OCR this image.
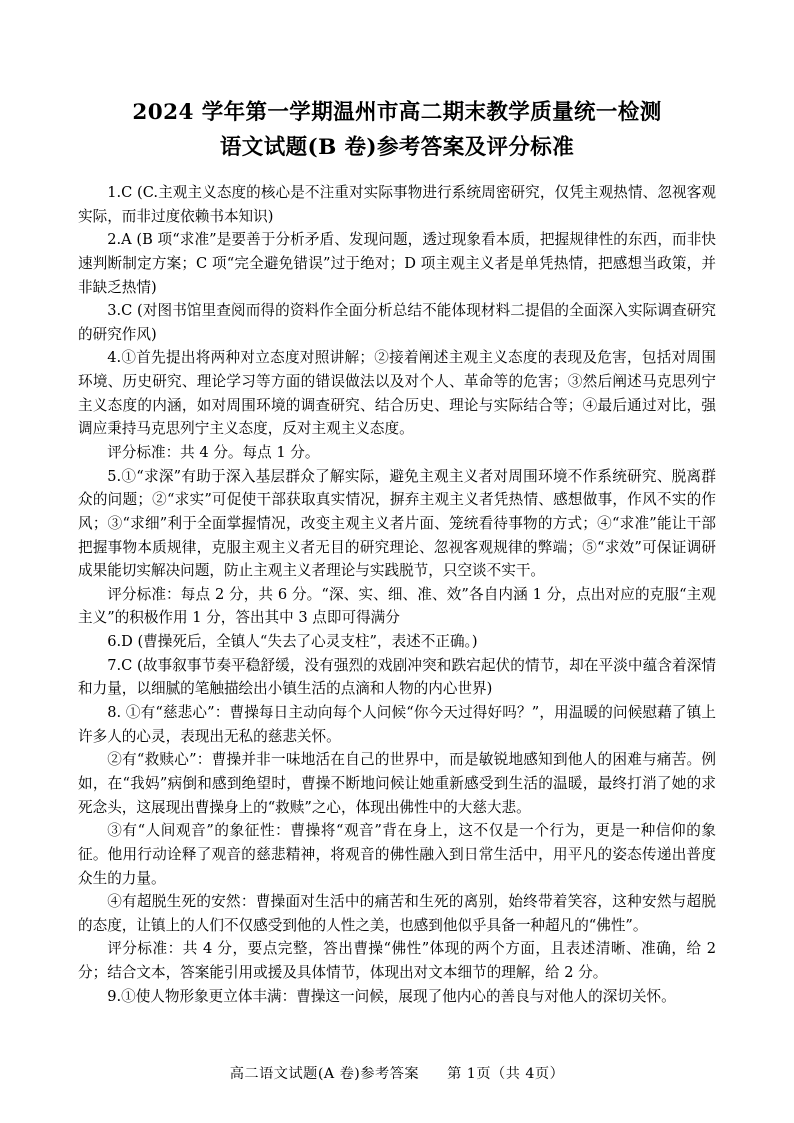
2024 学年第一学期温州市高二期末教学质量统一检测
语文试题(B 卷)参考答案及评分标准

1.C (C.主观主义态度的核心是不注重对实际事物进行系统周密研究，仅凭主观热情、忽视客观实际，而非过度依赖书本知识)

2.A (B 项“求准”是要善于分析矛盾、发现问题，透过现象看本质，把握规律性的东西，而非快速判断制定方案；C 项“完全避免错误”过于绝对；D 项主观主义者是单凭热情，把感想当政策，并非缺乏热情)

3.C (对图书馆里查阅而得的资料作全面分析总结不能体现材料二提倡的全面深入实际调查研究的研究作风)

4.①首先提出将两种对立态度对照讲解；②接着阐述主观主义态度的表现及危害，包括对周围环境、历史研究、理论学习等方面的错误做法以及对个人、革命等的危害；③然后阐述马克思列宁主义态度的内涵，如对周围环境的调查研究、结合历史、理论与实际结合等；④最后通过对比，强调应秉持马克思列宁主义态度，反对主观主义态度。

评分标准：共 4 分。每点 1 分。

5.①“求深”有助于深入基层群众了解实际，避免主观主义者对周围环境不作系统研究、脱离群众的问题；②“求实”可促使干部获取真实情况，摒弃主观主义者凭热情、感想做事，作风不实的作风；③“求细”利于全面掌握情况，改变主观主义者片面、笼统看待事物的方式；④“求准”能让干部把握事物本质规律，克服主观主义者无目的研究理论、忽视客观规律的弊端；⑤“求效”可保证调研成果能切实解决问题，防止主观主义者理论与实践脱节，只空谈不实干。

评分标准：每点 2 分，共 6 分。“深、实、细、准、效”各自内涵 1 分，点出对应的克服“主观主义”的积极作用 1 分，答出其中 3 点即可得满分

6.D (曹操死后，全镇人“失去了心灵支柱”，表述不正确。)

7.C (故事叙事节奏平稳舒缓，没有强烈的戏剧冲突和跌宕起伏的情节，却在平淡中蕴含着深情和力量，以细腻的笔触描绘出小镇生活的点滴和人物的内心世界)

8. ①有“慈悲心”：曹操每日主动向每个人问候“你今天过得好吗？”，用温暖的问候慰藉了镇上许多人的心灵，表现出无私的慈悲关怀。

②有“救赎心”：曹操并非一味地活在自己的世界中，而是敏锐地感知到他人的困难与痛苦。例如，在“我妈”病倒和感到绝望时，曹操不断地问候让她重新感受到生活的温暖，最终打消了她的求死念头，这展现出曹操身上的“救赎”之心，体现出佛性中的大慈大悲。

③有“人间观音”的象征性：曹操将“观音”背在身上，这不仅是一个行为，更是一种信仰的象征。他用行动诠释了观音的慈悲精神，将观音的佛性融入到日常生活中，用平凡的姿态传递出普度众生的力量。

④有超脱生死的安然：曹操面对生活中的痛苦和生死的离别，始终带着笑容，这种安然与超脱的态度，让镇上的人们不仅感受到他的人性之美，也感到他似乎具备一种超凡的“佛性”。

评分标准：共 4 分，要点完整，答出曹操“佛性”体现的两个方面，且表述清晰、准确，给 2 分；结合文本，答案能引用或援及具体情节，体现出对文本细节的理解，给 2 分。

9.①使人物形象更立体丰满：曹操这一问候，展现了他内心的善良与对他人的深切关怀。

高二语文试题(A 卷)参考答案 第 1页（共 4页）
